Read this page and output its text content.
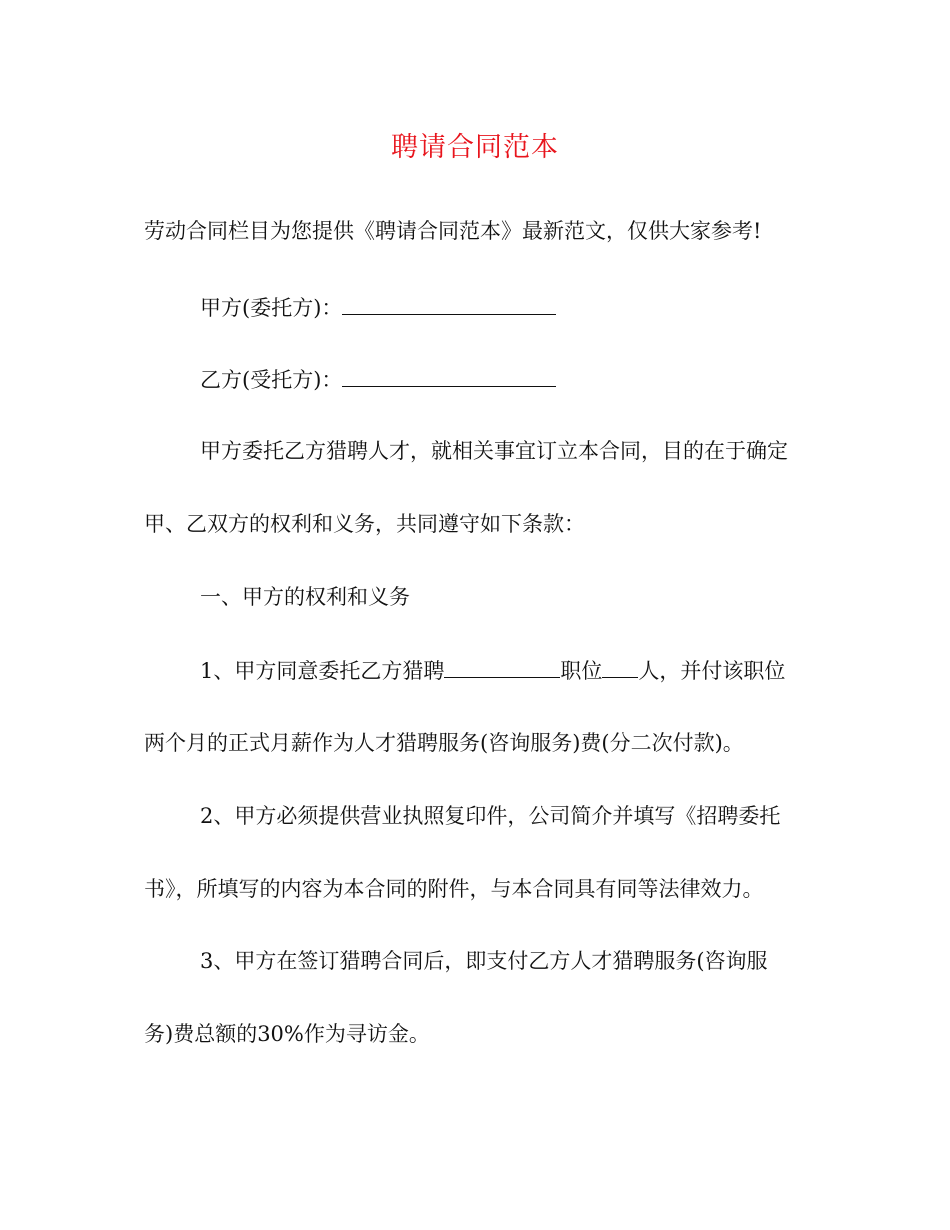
聘请合同范本
劳动合同栏目为您提供《聘请合同范本》最新范文，仅供大家参考!
甲方(委托方)：
乙方(受托方)：
甲方委托乙方猎聘人才，就相关事宜订立本合同，目的在于确定
甲、乙双方的权利和义务，共同遵守如下条款：
一、甲方的权利和义务
1、甲方同意委托乙方猎聘	职位 人，并付该职位
两个月的正式月薪作为人才猎聘服务(咨询服务)费(分二次付款)。
2、甲方必须提供营业执照复印件，公司简介并填写《招聘委托
书》，所填写的内容为本合同的附件，与本合同具有同等法律效力。
3、甲方在签订猎聘合同后，即支付乙方人才猎聘服务(咨询服
务)费总额的30%作为寻访金。
